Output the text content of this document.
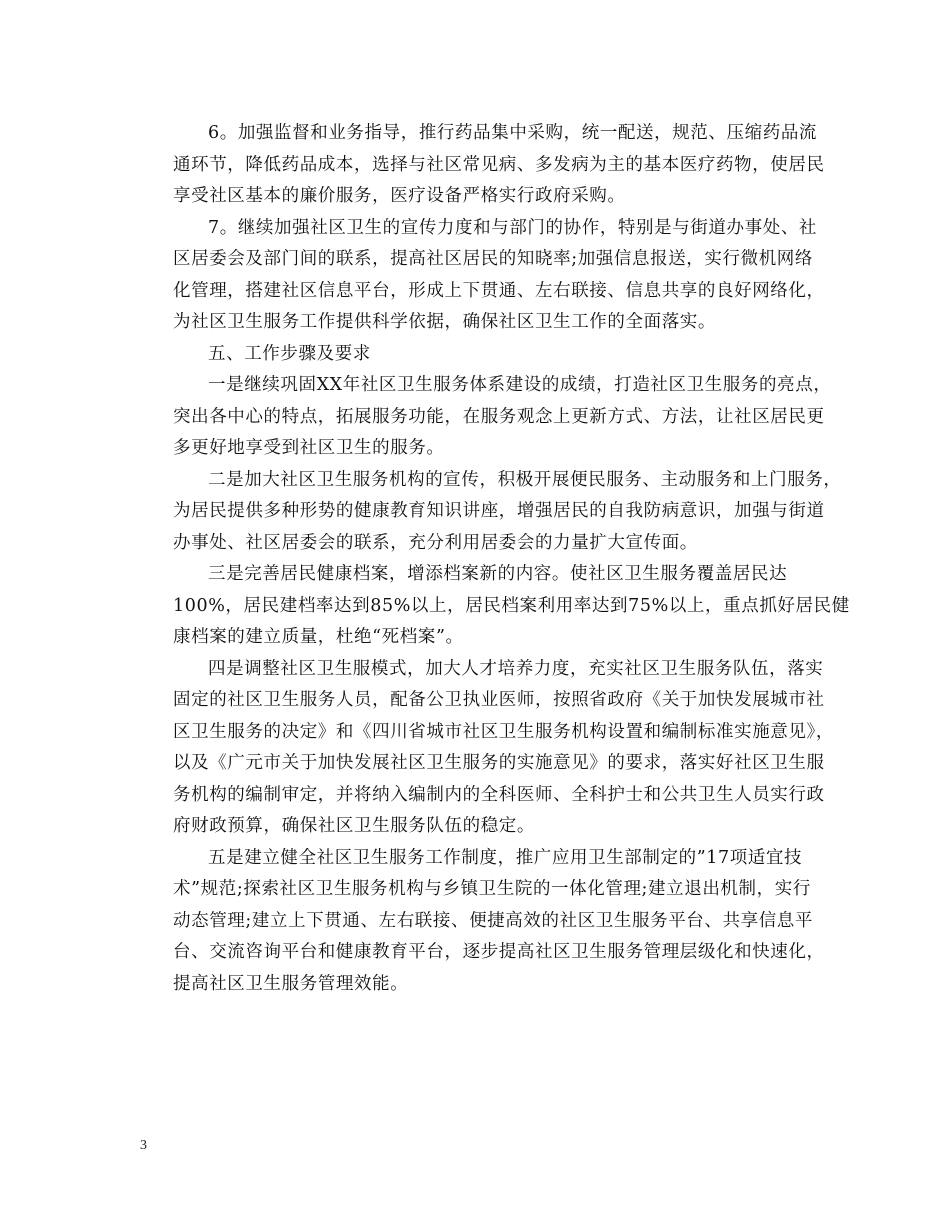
6。加强监督和业务指导，推行药品集中采购，统一配送，规范、压缩药品流
通环节，降低药品成本，选择与社区常见病、多发病为主的基本医疗药物，使居民
享受社区基本的廉价服务，医疗设备严格实行政府采购。

7。继续加强社区卫生的宣传力度和与部门的协作，特别是与街道办事处、社
区居委会及部门间的联系，提高社区居民的知晓率;加强信息报送，实行微机网络
化管理，搭建社区信息平台，形成上下贯通、左右联接、信息共享的良好网络化，
为社区卫生服务工作提供科学依据，确保社区卫生工作的全面落实。

五、工作步骤及要求

一是继续巩固XX年社区卫生服务体系建设的成绩，打造社区卫生服务的亮点，
突出各中心的特点，拓展服务功能，在服务观念上更新方式、方法，让社区居民更
多更好地享受到社区卫生的服务。

二是加大社区卫生服务机构的宣传，积极开展便民服务、主动服务和上门服务，
为居民提供多种形势的健康教育知识讲座，增强居民的自我防病意识，加强与街道
办事处、社区居委会的联系，充分利用居委会的力量扩大宣传面。

三是完善居民健康档案，增添档案新的内容。使社区卫生服务覆盖居民达
100%，居民建档率达到85%以上，居民档案利用率达到75%以上，重点抓好居民健
康档案的建立质量，杜绝“死档案”。

四是调整社区卫生服模式，加大人才培养力度，充实社区卫生服务队伍，落实
固定的社区卫生服务人员，配备公卫执业医师，按照省政府《关于加快发展城市社
区卫生服务的决定》和《四川省城市社区卫生服务机构设置和编制标准实施意见》，
以及《广元市关于加快发展社区卫生服务的实施意见》的要求，落实好社区卫生服
务机构的编制审定，并将纳入编制内的全科医师、全科护士和公共卫生人员实行政
府财政预算，确保社区卫生服务队伍的稳定。

五是建立健全社区卫生服务工作制度，推广应用卫生部制定的”17项适宜技
术”规范;探索社区卫生服务机构与乡镇卫生院的一体化管理;建立退出机制，实行
动态管理;建立上下贯通、左右联接、便捷高效的社区卫生服务平台、共享信息平
台、交流咨询平台和健康教育平台，逐步提高社区卫生服务管理层级化和快速化，
提高社区卫生服务管理效能。

3
